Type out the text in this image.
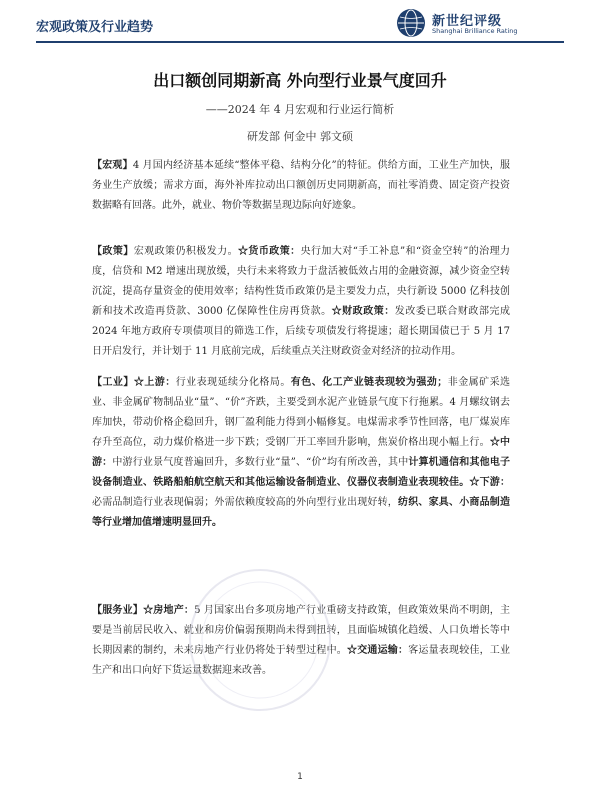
宏观政策及行业趋势	新世纪评级
Shanghai Brilliance Rating
出口额创同期新高 外向型行业景气度回升
——2024 年 4 月宏观和行业运行简析
研发部 何金中 郭文硕

【宏观】4 月国内经济基本延续“整体平稳、结构分化”的特征。供给方面，工业生产加快，服务业生产放缓；需求方面，海外补库拉动出口额创历史同期新高，而社零消费、固定资产投资数据略有回落。此外，就业、物价等数据呈现边际向好迹象。

【政策】宏观政策仍积极发力。☆货币政策：央行加大对“手工补息”和“资金空转”的治理力度，信贷和 M2 增速出现放缓，央行未来将致力于盘活被低效占用的金融资源，减少资金空转沉淀，提高存量资金的使用效率；结构性货币政策仍是主要发力点，央行新设 5000 亿科技创新和技术改造再贷款、3000 亿保障性住房再贷款。☆财政政策：发改委已联合财政部完成 2024 年地方政府专项债项目的筛选工作，后续专项债发行将提速；超长期国债已于 5 月 17 日开启发行，并计划于 11 月底前完成，后续重点关注财政资金对经济的拉动作用。

【工业】☆上游：行业表现延续分化格局。有色、化工产业链表现较为强劲；非金属矿采选业、非金属矿物制品业“量”、“价”齐跌，主要受到水泥产业链景气度下行拖累。4 月螺纹钢去库加快，带动价格企稳回升，钢厂盈利能力得到小幅修复。电煤需求季节性回落，电厂煤炭库存升至高位，动力煤价格进一步下跌；受钢厂开工率回升影响，焦炭价格出现小幅上行。☆中游：中游行业景气度普遍回升，多数行业“量”、“价”均有所改善，其中计算机通信和其他电子设备制造业、铁路船舶航空航天和其他运输设备制造业、仪器仪表制造业表现较佳。☆下游：必需品制造行业表现偏弱；外需依赖度较高的外向型行业出现好转，纺织、家具、小商品制造等行业增加值增速明显回升。

【服务业】☆房地产：5 月国家出台多项房地产行业重磅支持政策，但政策效果尚不明朗，主要是当前居民收入、就业和房价偏弱预期尚未得到扭转，且面临城镇化趋缓、人口负增长等中长期因素的制约，未来房地产行业仍将处于转型过程中。☆交通运输：客运量表现较佳，工业生产和出口向好下货运量数据迎来改善。

1
